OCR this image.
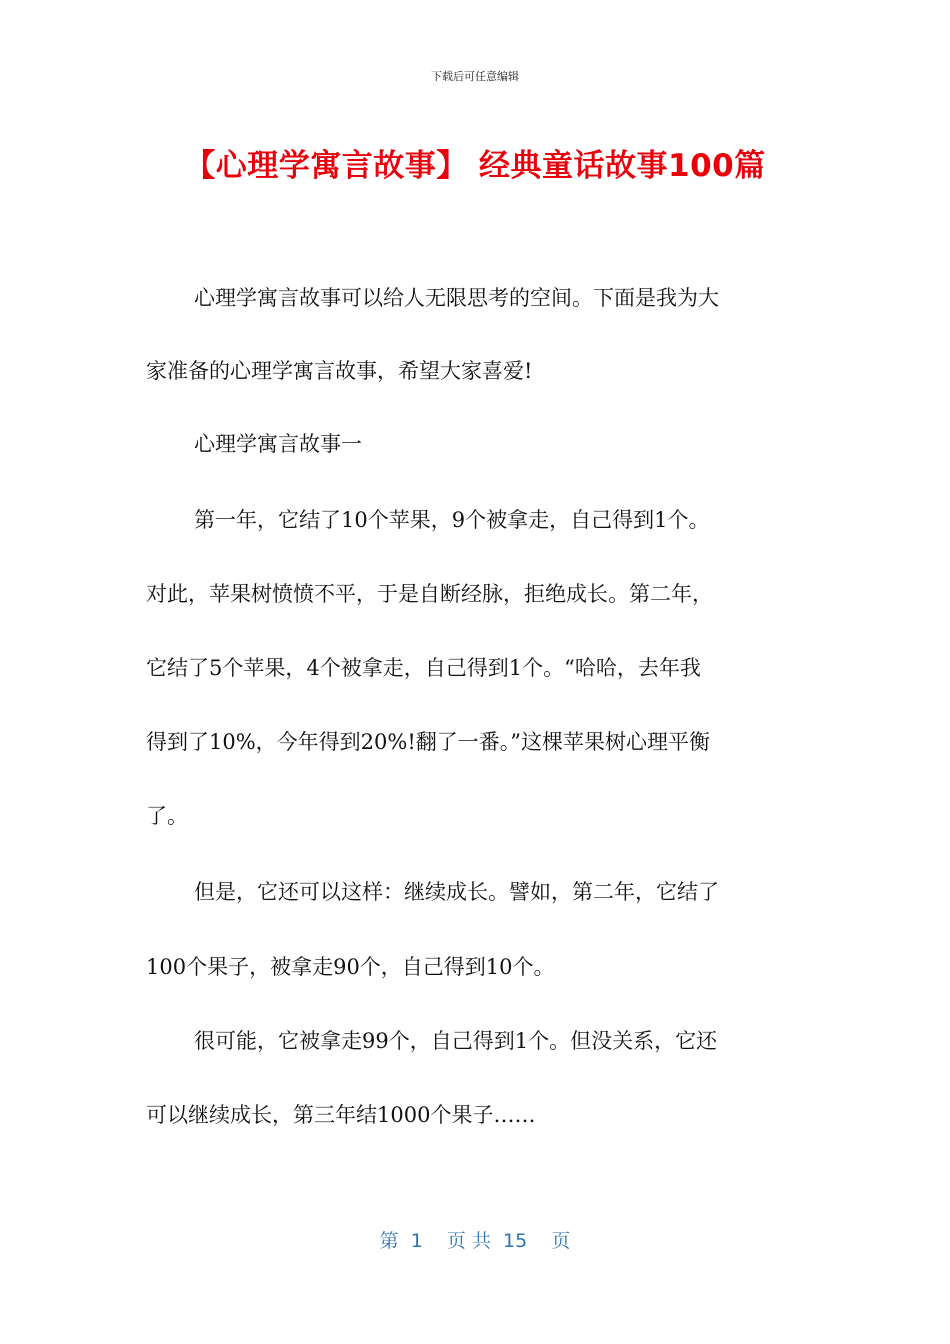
下载后可任意编辑
【心理学寓言故事】 经典童话故事100篇
心理学寓言故事可以给人无限思考的空间。下面是我为大
家准备的心理学寓言故事，希望大家喜爱!
心理学寓言故事一
第一年，它结了10个苹果，9个被拿走，自己得到1个。
对此，苹果树愤愤不平，于是自断经脉，拒绝成长。第二年，
它结了5个苹果，4个被拿走，自己得到1个。“哈哈，去年我
得到了10%，今年得到20%!翻了一番。”这棵苹果树心理平衡
了。
但是，它还可以这样：继续成长。譬如，第二年，它结了
100个果子，被拿走90个，自己得到10个。
很可能，它被拿走99个，自己得到1个。但没关系，它还
可以继续成长，第三年结1000个果子……
第  1    页 共  15    页
